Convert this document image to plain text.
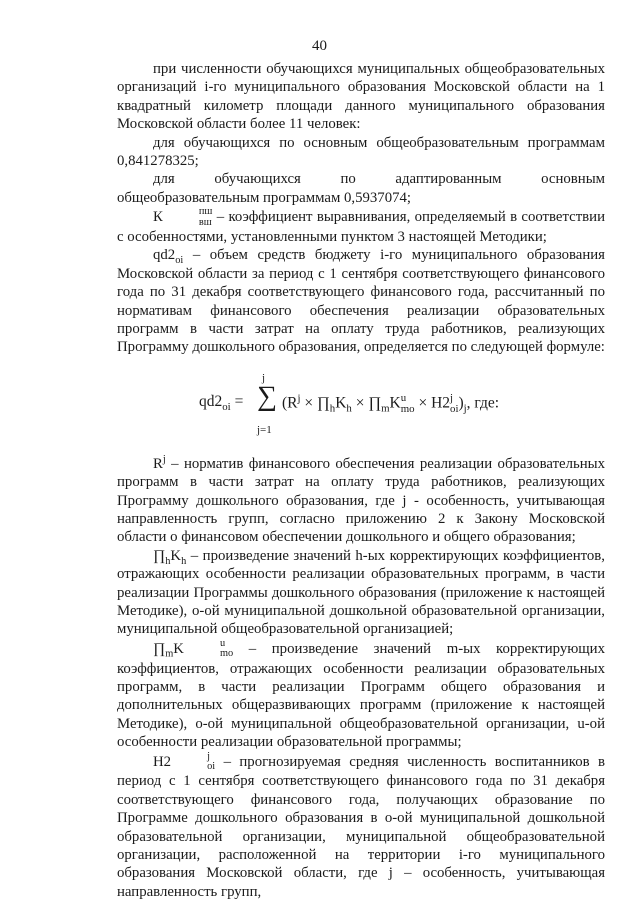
40

при численности обучающихся муниципальных общеобразовательных организаций i-го муниципального образования Московской области на 1 квадратный километр площади данного муниципального образования Московской области более 11 человек:

для обучающихся по основным общеобразовательным программам 0,841278325;

для обучающихся по адаптированным основным общеобразовательным программам 0,5937074;

К	пш
вш – коэффициент выравнивания, определяемый в соответствии с особенностями, установленными пунктом 3 настоящей Методики;

$qd2_{oi}$ – объем средств бюджету i-го муниципального образования Московской области за период с 1 сентября соответствующего финансового года по 31 декабря соответствующего финансового года, рассчитанный по нормативам финансового обеспечения реализации образовательных программ в части затрат на оплату труда работников, реализующих Программу дошкольного образования, определяется по следующей формуле:

$qd2_{oi}$ =
j
∑
j=1
($R^j$ × $\prod_hK_h$ × $\prod_mK$ u
mo × H2 j
oi )$_j$, где:

$R^j$ – норматив финансового обеспечения реализации образовательных программ в части затрат на оплату труда работников, реализующих Программу дошкольного образования, где j - особенность, учитывающая направленность групп, согласно приложению 2 к Закону Московской области о финансовом обеспечении дошкольного и общего образования;

$\prod_hK_h$ – произведение значений h-ых корректирующих коэффициентов, отражающих особенности реализации образовательных программ, в части реализации Программы дошкольного образования (приложение к настоящей Методике), о-ой муниципальной дошкольной образовательной организации, муниципальной общеобразовательной организацией;

$\prod_mK$	u
mo – произведение значений m-ых корректирующих коэффициентов, отражающих особенности реализации образовательных программ, в части реализации Программ общего образования и дополнительных общеразвивающих программ (приложение к настоящей Методике), о-ой муниципальной общеобразовательной организации, u-ой особенности реализации образовательной программы;

H2	j
oi – прогнозируемая средняя численность воспитанников в период с 1 сентября соответствующего финансового года по 31 декабря соответствующего финансового года, получающих образование по Программе дошкольного образования в о-ой муниципальной дошкольной образовательной организации, муниципальной общеобразовательной организации, расположенной на территории i-го муниципального образования Московской области, где j – особенность, учитывающая направленность групп,
